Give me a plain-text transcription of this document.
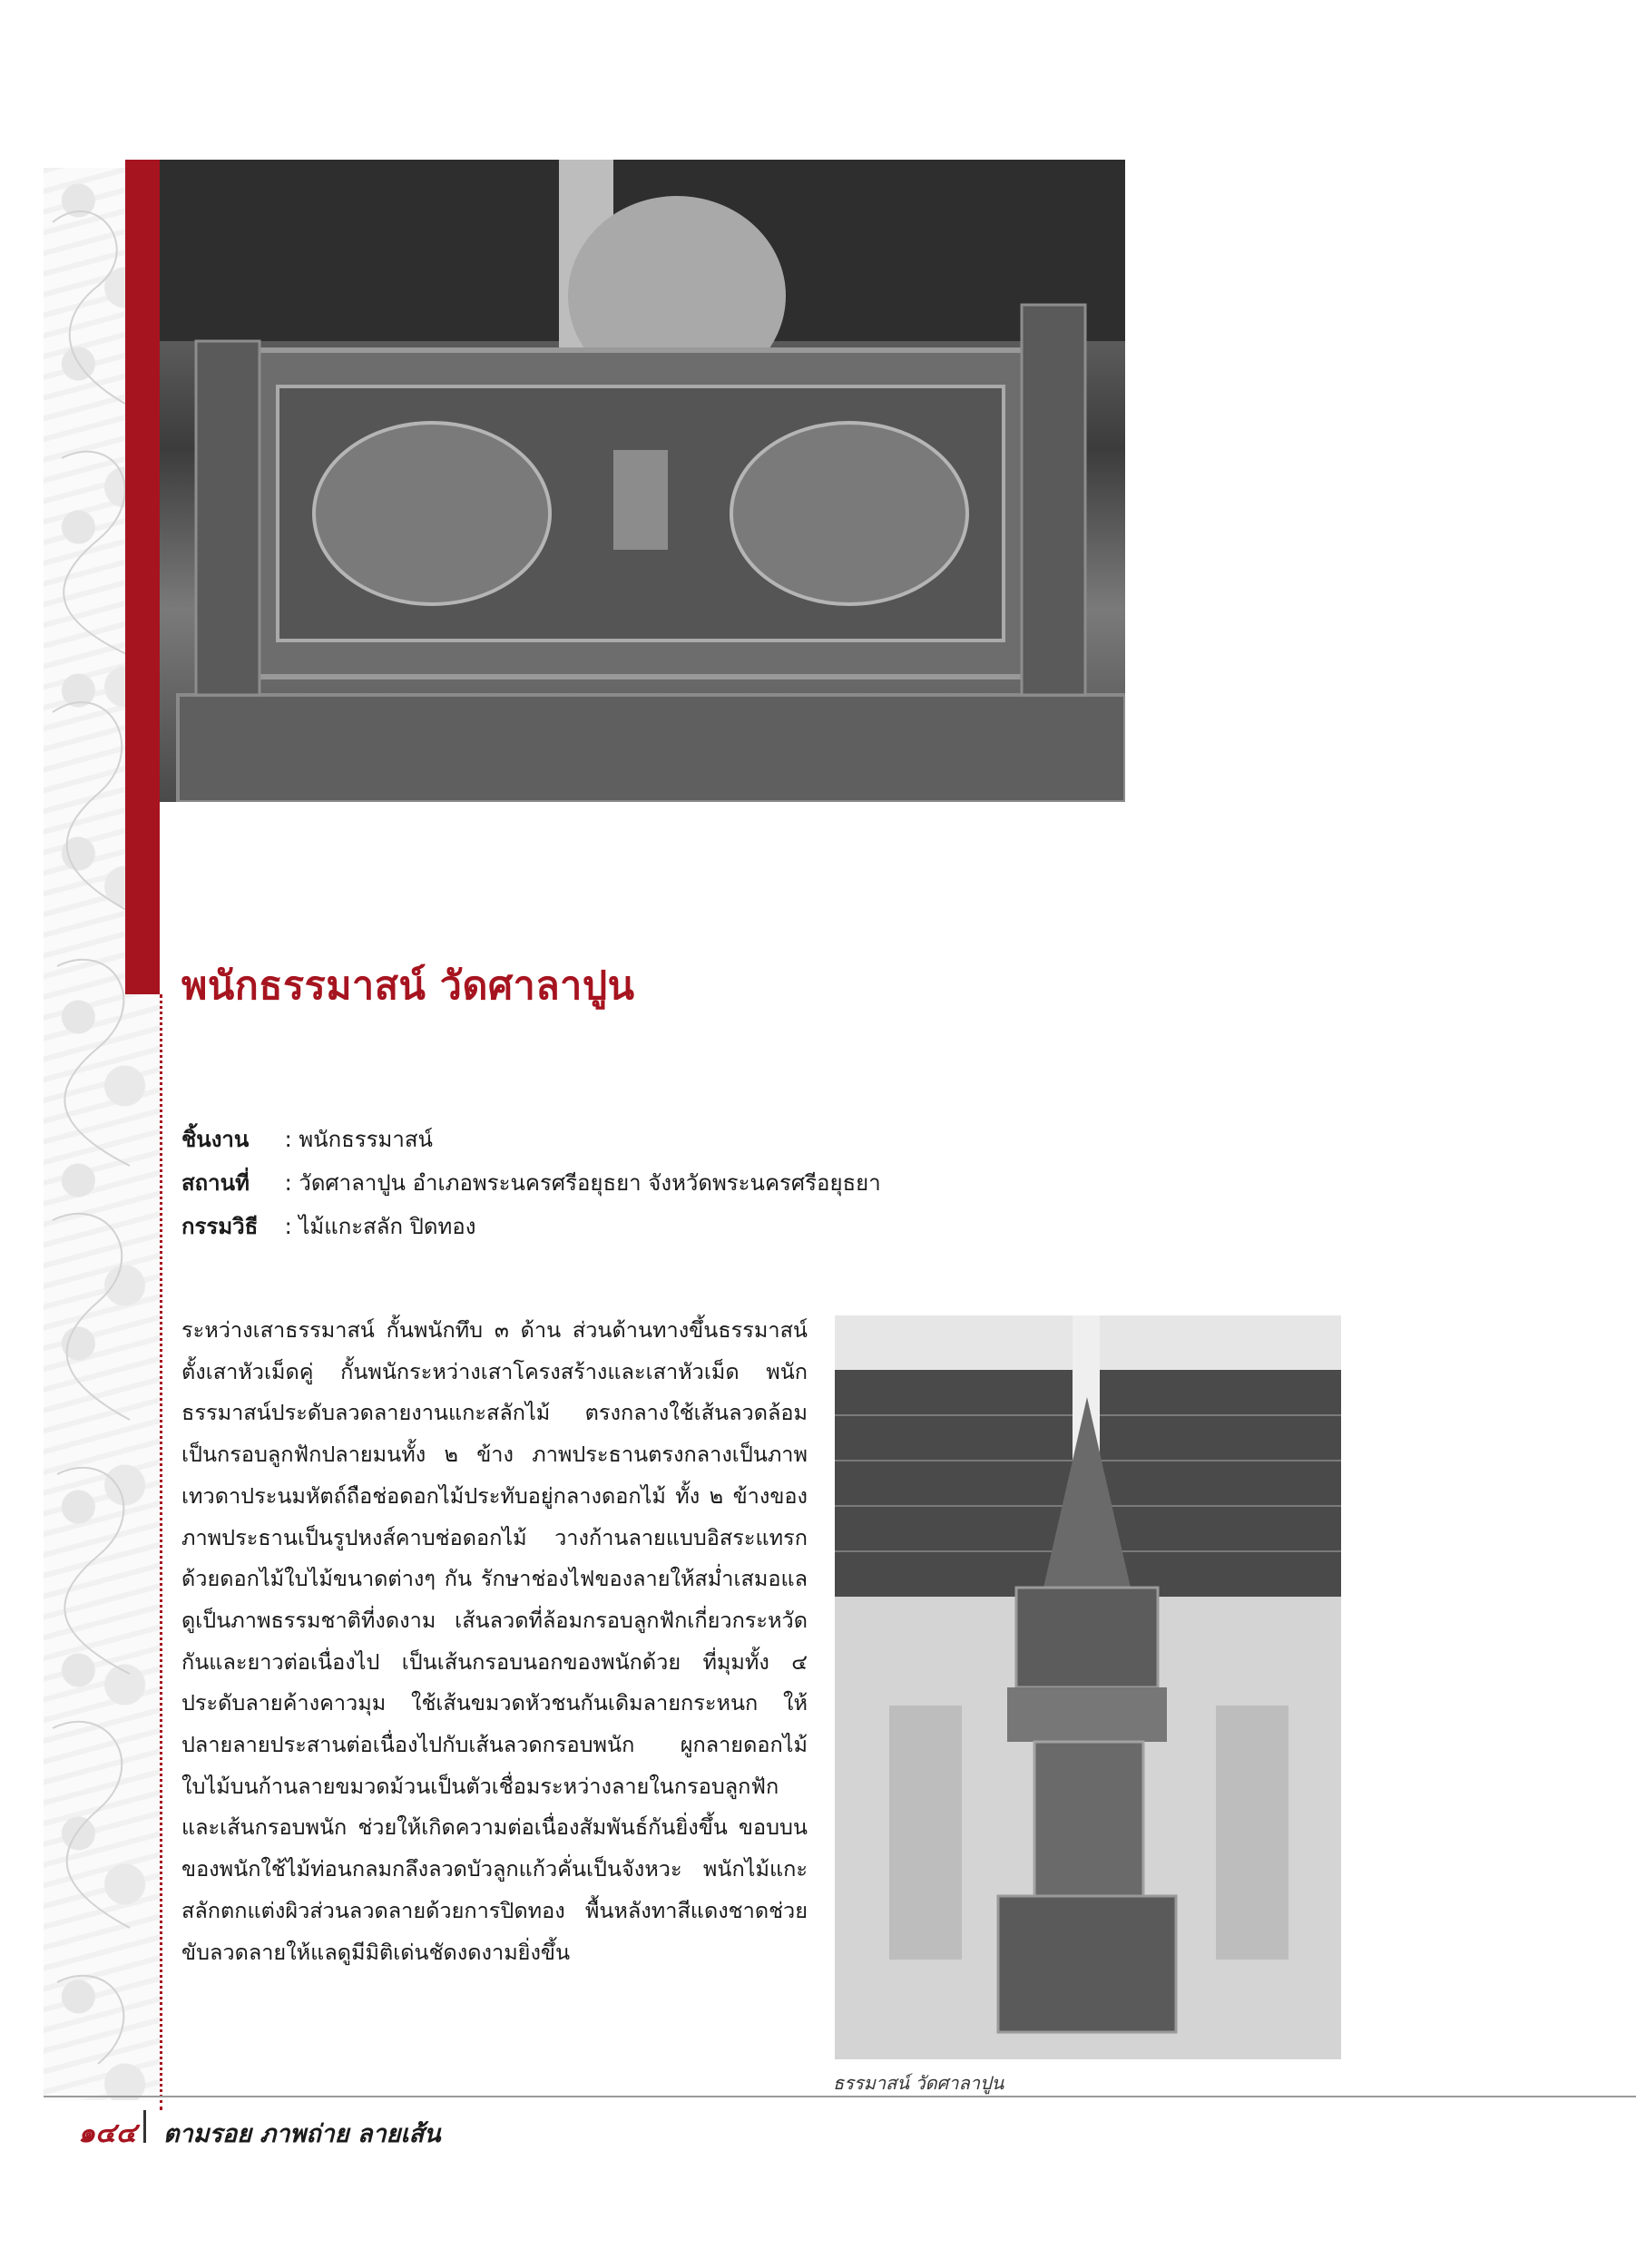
พนักธรรมาสน์ วัดศาลาปูน
ชิ้นงาน : พนักธรรมาสน์
สถานที่ : วัดศาลาปูน อำเภอพระนครศรีอยุธยา จังหวัดพระนครศรีอยุธยา
กรรมวิธี : ไม้แกะสลัก ปิดทอง

ระหว่างเสาธรรมาสน์ กั้นพนักทึบ ๓ ด้าน ส่วนด้านทางขึ้นธรรมาสน์ ตั้งเสาหัวเม็ดคู่ กั้นพนักระหว่างเสาโครงสร้างและเสาหัวเม็ด พนักธรรมาสน์ประดับลวดลายงานแกะสลักไม้ ตรงกลางใช้เส้นลวดล้อมเป็นกรอบลูกฟักปลายมนทั้ง ๒ ข้าง ภาพประธานตรงกลางเป็นภาพเทวดาประนมหัตถ์ถือช่อดอกไม้ประทับอยู่กลางดอกไม้ ทั้ง ๒ ข้างของภาพประธานเป็นรูปหงส์คาบช่อดอกไม้ วางก้านลายแบบอิสระแทรกด้วยดอกไม้ใบไม้ขนาดต่างๆ กัน รักษาช่องไฟของลายให้สม่ำเสมอแลดูเป็นภาพธรรมชาติที่งดงาม เส้นลวดที่ล้อมกรอบลูกฟักเกี่ยวกระหวัดกันและยาวต่อเนื่องไป เป็นเส้นกรอบนอกของพนักด้วย ที่มุมทั้ง ๔ ประดับลายค้างคาวมุม ใช้เส้นขมวดหัวชนกันเดิมลายกระหนก ให้ปลายลายประสานต่อเนื่องไปกับเส้นลวดกรอบพนัก ผูกลายดอกไม้ใบไม้บนก้านลายขมวดม้วนเป็นตัวเชื่อมระหว่างลายในกรอบลูกฟักและเส้นกรอบพนัก ช่วยให้เกิดความต่อเนื่องสัมพันธ์กันยิ่งขึ้น ขอบบนของพนักใช้ไม้ท่อนกลมกลึงลวดบัวลูกแก้วคั่นเป็นจังหวะ พนักไม้แกะสลักตกแต่งผิวส่วนลวดลายด้วยการปิดทอง พื้นหลังทาสีแดงชาดช่วยขับลวดลายให้แลดูมีมิติเด่นชัดงดงามยิ่งขึ้น

ธรรมาสน์ วัดศาลาปูน
๑๔๔ ตามรอย ภาพถ่าย ลายเส้น
